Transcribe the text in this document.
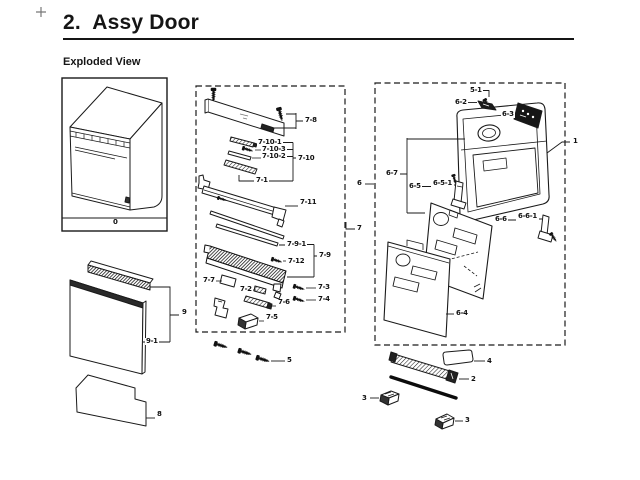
2.  Assy Door
Exploded View
0
9
9-1
8
7-8
7-10-1
7-10-3
7-10-2 7-10
7-1
7-11
7-9-1
7-9
7-12
7-7
7-2	7-3
7-6	7-4
7-5
5
7
6
5-1
6-2
6-3
1
6-7
6-5 6-5-1
6-6 6-6-1
6-4
4
2
3
3
